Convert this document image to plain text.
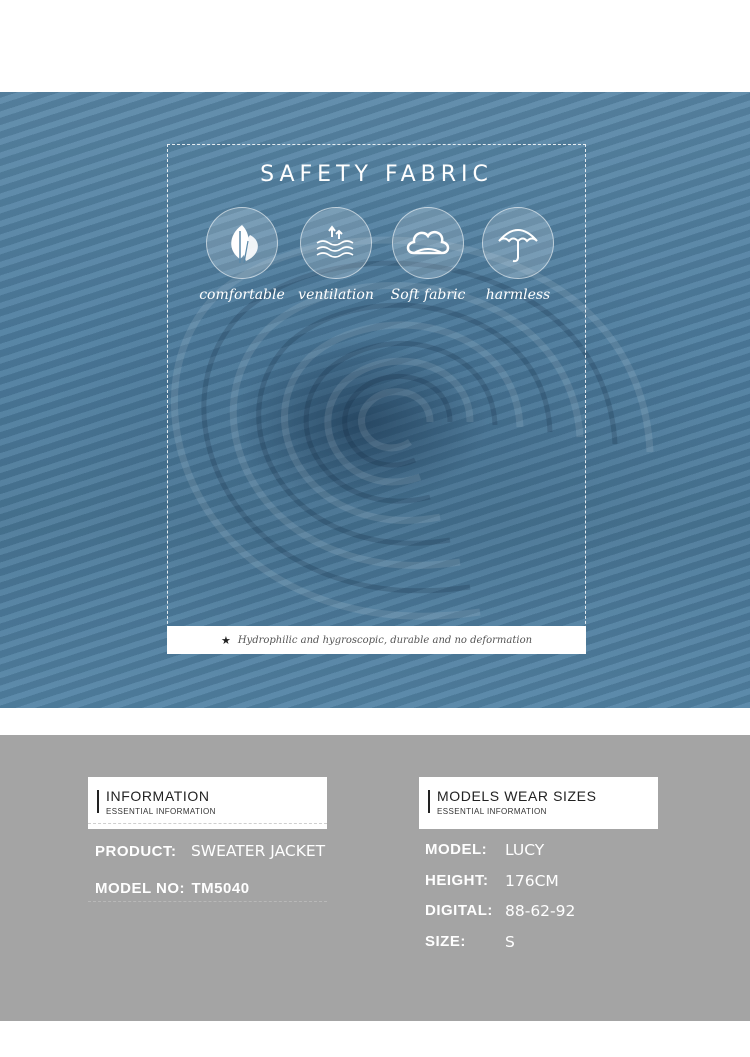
SAFETY FABRIC
comfortable ventilation	Soft fabric	harmless
★ Hydrophilic and hygroscopic, durable and no deformation
INFORMATION
ESSENTIAL INFORMATION
MODELS WEAR SIZES
ESSENTIAL INFORMATION
PRODUCT: SWEATER JACKET
MODEL NO: TM5040
MODEL: LUCY
HEIGHT: 176CM
DIGITAL: 88-62-92
SIZE:	S
